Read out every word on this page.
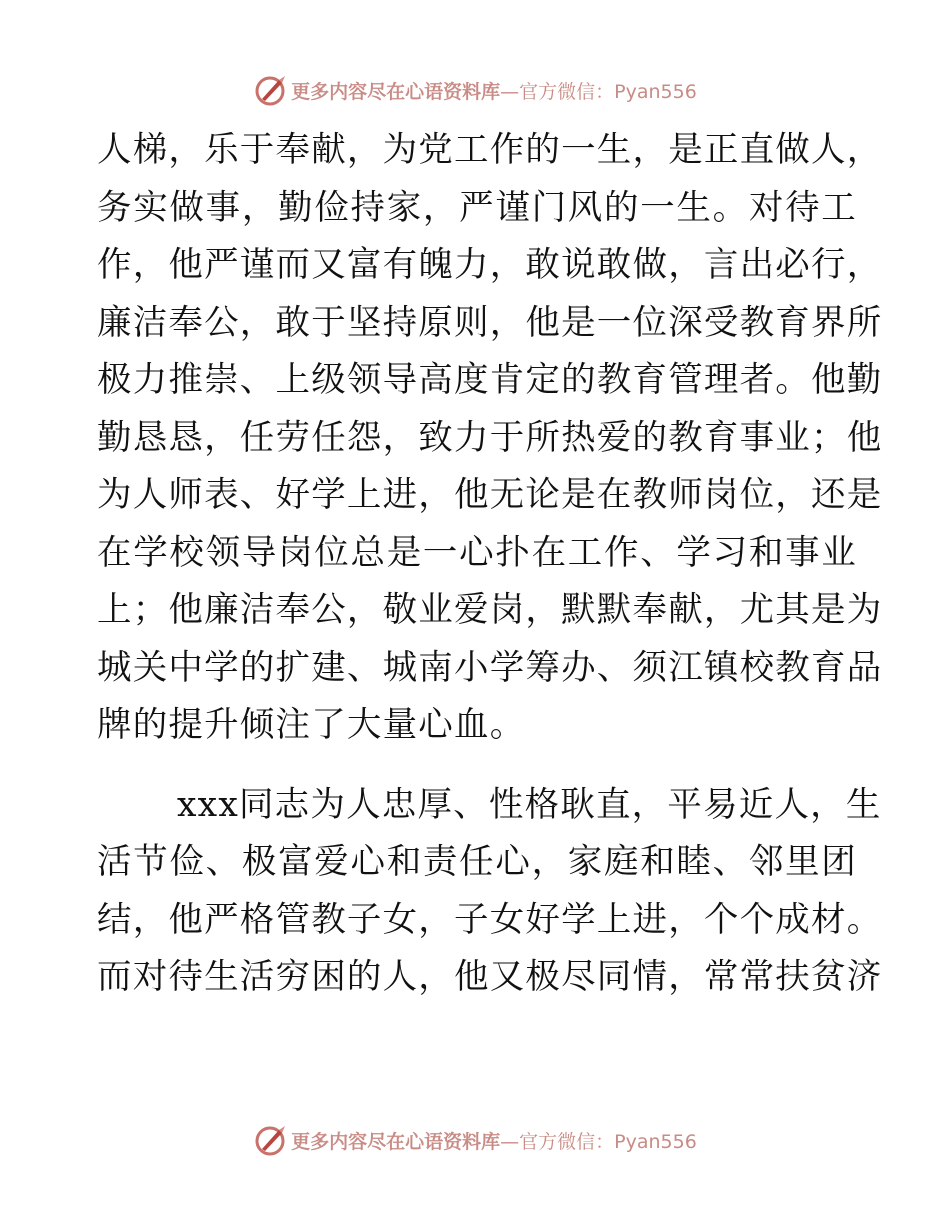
更多内容尽在心语资料库 —官方微信：Pyan556
人梯，乐于奉献，为党工作的一生，是正直做人，
务实做事，勤俭持家，严谨门风的一生。对待工
作，他严谨而又富有魄力，敢说敢做，言出必行，
廉洁奉公，敢于坚持原则，他是一位深受教育界所
极力推崇、上级领导高度肯定的教育管理者。他勤
勤恳恳，任劳任怨，致力于所热爱的教育事业；他
为人师表、好学上进，他无论是在教师岗位，还是
在学校领导岗位总是一心扑在工作、学习和事业
上；他廉洁奉公，敬业爱岗，默默奉献，尤其是为
城关中学的扩建、城南小学筹办、须江镇校教育品
牌的提升倾注了大量心血。
xxx同志为人忠厚、性格耿直，平易近人，生
活节俭、极富爱心和责任心，家庭和睦、邻里团
结，他严格管教子女，子女好学上进，个个成材。
而对待生活穷困的人，他又极尽同情，常常扶贫济
更多内容尽在心语资料库 —官方微信：Pyan556
